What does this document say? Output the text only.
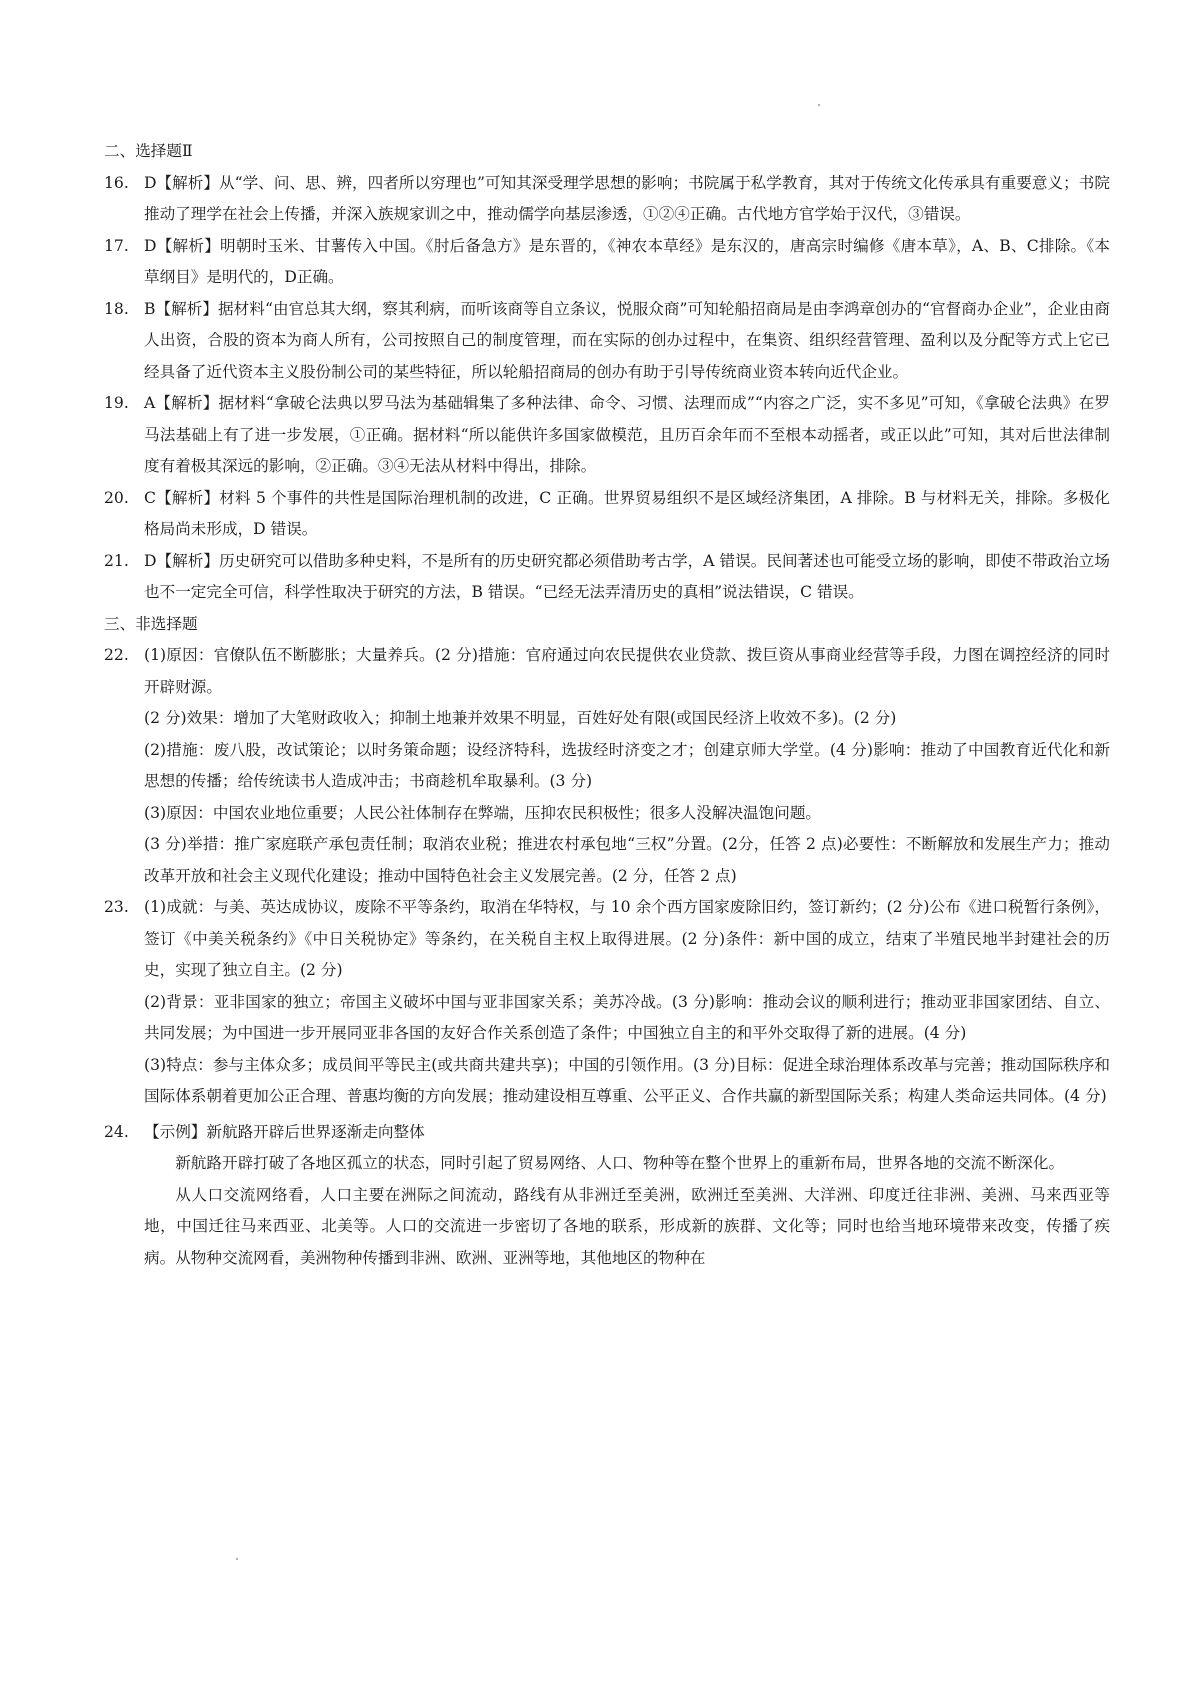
二、选择题Ⅱ

16. D【解析】从“学、问、思、辨，四者所以穷理也”可知其深受理学思想的影响；书院属于私学教育，其对于传统文化传承具有重要意义；书院推动了理学在社会上传播，并深入族规家训之中，推动儒学向基层渗透，①②④正确。古代地方官学始于汉代，③错误。

17. D【解析】明朝时玉米、甘薯传入中国。《肘后备急方》是东晋的，《神农本草经》是东汉的，唐高宗时编修《唐本草》，A、B、C排除。《本草纲目》是明代的，D正确。

18. B【解析】据材料“由官总其大纲，察其利病，而听该商等自立条议，悦服众商”可知轮船招商局是由李鸿章创办的“官督商办企业”，企业由商人出资，合股的资本为商人所有，公司按照自己的制度管理，而在实际的创办过程中，在集资、组织经营管理、盈利以及分配等方式上它已经具备了近代资本主义股份制公司的某些特征，所以轮船招商局的创办有助于引导传统商业资本转向近代企业。

19. A【解析】据材料“拿破仑法典以罗马法为基础辑集了多种法律、命令、习惯、法理而成”“内容之广泛，实不多见”可知，《拿破仑法典》在罗马法基础上有了进一步发展，①正确。据材料“所以能供许多国家做模范，且历百余年而不至根本动摇者，或正以此”可知，其对后世法律制度有着极其深远的影响，②正确。③④无法从材料中得出，排除。

20. C【解析】材料 5 个事件的共性是国际治理机制的改进，C 正确。世界贸易组织不是区域经济集团，A 排除。B 与材料无关，排除。多极化格局尚未形成，D 错误。

21. D【解析】历史研究可以借助多种史料，不是所有的历史研究都必须借助考古学，A 错误。民间著述也可能受立场的影响，即使不带政治立场也不一定完全可信，科学性取决于研究的方法，B 错误。“已经无法弄清历史的真相”说法错误，C 错误。

三、非选择题

22. (1)原因：官僚队伍不断膨胀；大量养兵。(2 分)措施：官府通过向农民提供农业贷款、拨巨资从事商业经营等手段，力图在调控经济的同时开辟财源。

(2 分)效果：增加了大笔财政收入；抑制土地兼并效果不明显，百姓好处有限(或国民经济上收效不多)。(2 分)

(2)措施：废八股，改试策论；以时务策命题；设经济特科，选拔经时济变之才；创建京师大学堂。(4 分)影响：推动了中国教育近代化和新思想的传播；给传统读书人造成冲击；书商趁机牟取暴利。(3 分)

(3)原因：中国农业地位重要；人民公社体制存在弊端，压抑农民积极性；很多人没解决温饱问题。

(3 分)举措：推广家庭联产承包责任制；取消农业税；推进农村承包地“三权”分置。(2分，任答 2 点)必要性：不断解放和发展生产力；推动改革开放和社会主义现代化建设；推动中国特色社会主义发展完善。(2 分，任答 2 点)

23. (1)成就：与美、英达成协议，废除不平等条约，取消在华特权，与 10 余个西方国家废除旧约，签订新约；(2 分)公布《进口税暂行条例》，签订《中美关税条约》《中日关税协定》等条约，在关税自主权上取得进展。(2 分)条件：新中国的成立，结束了半殖民地半封建社会的历史，实现了独立自主。(2 分)

(2)背景：亚非国家的独立；帝国主义破坏中国与亚非国家关系；美苏冷战。(3 分)影响：推动会议的顺利进行；推动亚非国家团结、自立、共同发展；为中国进一步开展同亚非各国的友好合作关系创造了条件；中国独立自主的和平外交取得了新的进展。(4 分)

(3)特点：参与主体众多；成员间平等民主(或共商共建共享)；中国的引领作用。(3 分)目标：促进全球治理体系改革与完善；推动国际秩序和国际体系朝着更加公正合理、普惠均衡的方向发展；推动建设相互尊重、公平正义、合作共赢的新型国际关系；构建人类命运共同体。(4 分)

24. 【示例】新航路开辟后世界逐渐走向整体

新航路开辟打破了各地区孤立的状态，同时引起了贸易网络、人口、物种等在整个世界上的重新布局，世界各地的交流不断深化。

从人口交流网络看，人口主要在洲际之间流动，路线有从非洲迁至美洲，欧洲迁至美洲、大洋洲、印度迁往非洲、美洲、马来西亚等地，中国迁往马来西亚、北美等。人口的交流进一步密切了各地的联系，形成新的族群、文化等；同时也给当地环境带来改变，传播了疾病。从物种交流网看，美洲物种传播到非洲、欧洲、亚洲等地，其他地区的物种在
